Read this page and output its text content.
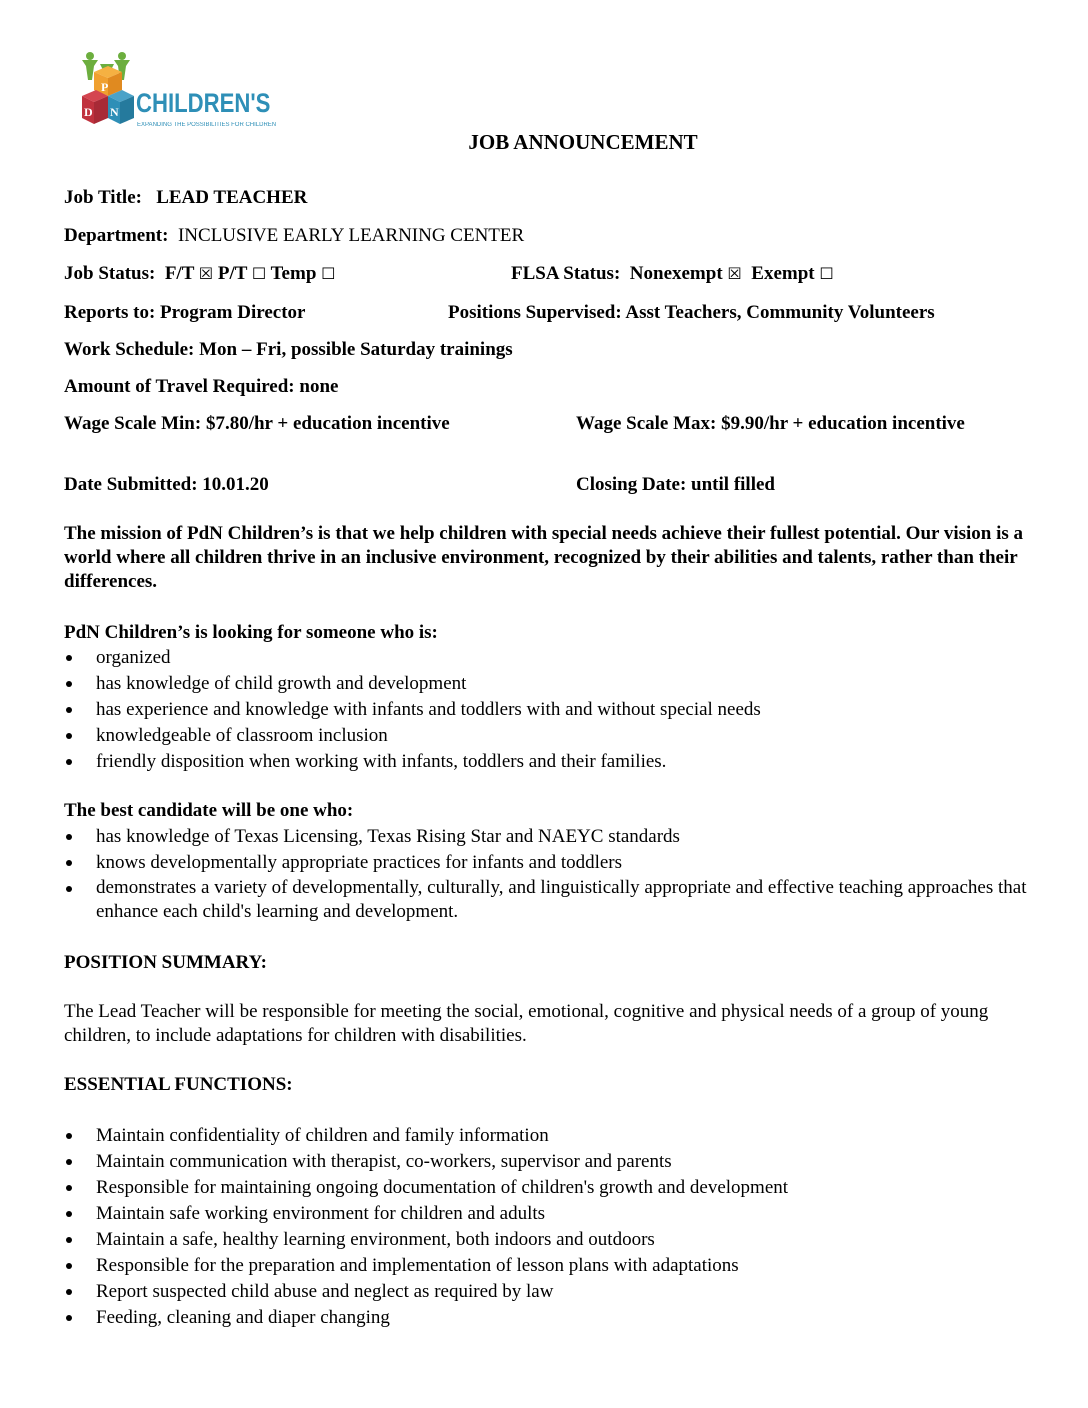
P
D N CHILDREN'S
EXPANDING THE POSSIBILITIES FOR CHILDREN
JOB ANNOUNCEMENT
Job Title: LEAD TEACHER
Department: INCLUSIVE EARLY LEARNING CENTER
Job Status: F/T ☒ P/T ☐ Temp ☐	FLSA Status: Nonexempt ☒ Exempt ☐
Reports to: Program Director	Positions Supervised: Asst Teachers, Community Volunteers
Work Schedule: Mon – Fri, possible Saturday trainings
Amount of Travel Required: none
Wage Scale Min: $7.80/hr + education incentive	Wage Scale Max: $9.90/hr + education incentive
Date Submitted: 10.01.20	Closing Date: until filled
The mission of PdN Children’s is that we help children with special needs achieve their fullest potential. Our vision is a world where all children thrive in an inclusive environment, recognized by their abilities and talents, rather than their differences.
PdN Children’s is looking for someone who is:
organized
has knowledge of child growth and development
has experience and knowledge with infants and toddlers with and without special needs
knowledgeable of classroom inclusion
friendly disposition when working with infants, toddlers and their families.
The best candidate will be one who:
has knowledge of Texas Licensing, Texas Rising Star and NAEYC standards
knows developmentally appropriate practices for infants and toddlers
demonstrates a variety of developmentally, culturally, and linguistically appropriate and effective teaching approaches that enhance each child's learning and development.
POSITION SUMMARY:
The Lead Teacher will be responsible for meeting the social, emotional, cognitive and physical needs of a group of young children, to include adaptations for children with disabilities.
ESSENTIAL FUNCTIONS:
Maintain confidentiality of children and family information
Maintain communication with therapist, co-workers, supervisor and parents
Responsible for maintaining ongoing documentation of children's growth and development
Maintain safe working environment for children and adults
Maintain a safe, healthy learning environment, both indoors and outdoors
Responsible for the preparation and implementation of lesson plans with adaptations
Report suspected child abuse and neglect as required by law
Feeding, cleaning and diaper changing
